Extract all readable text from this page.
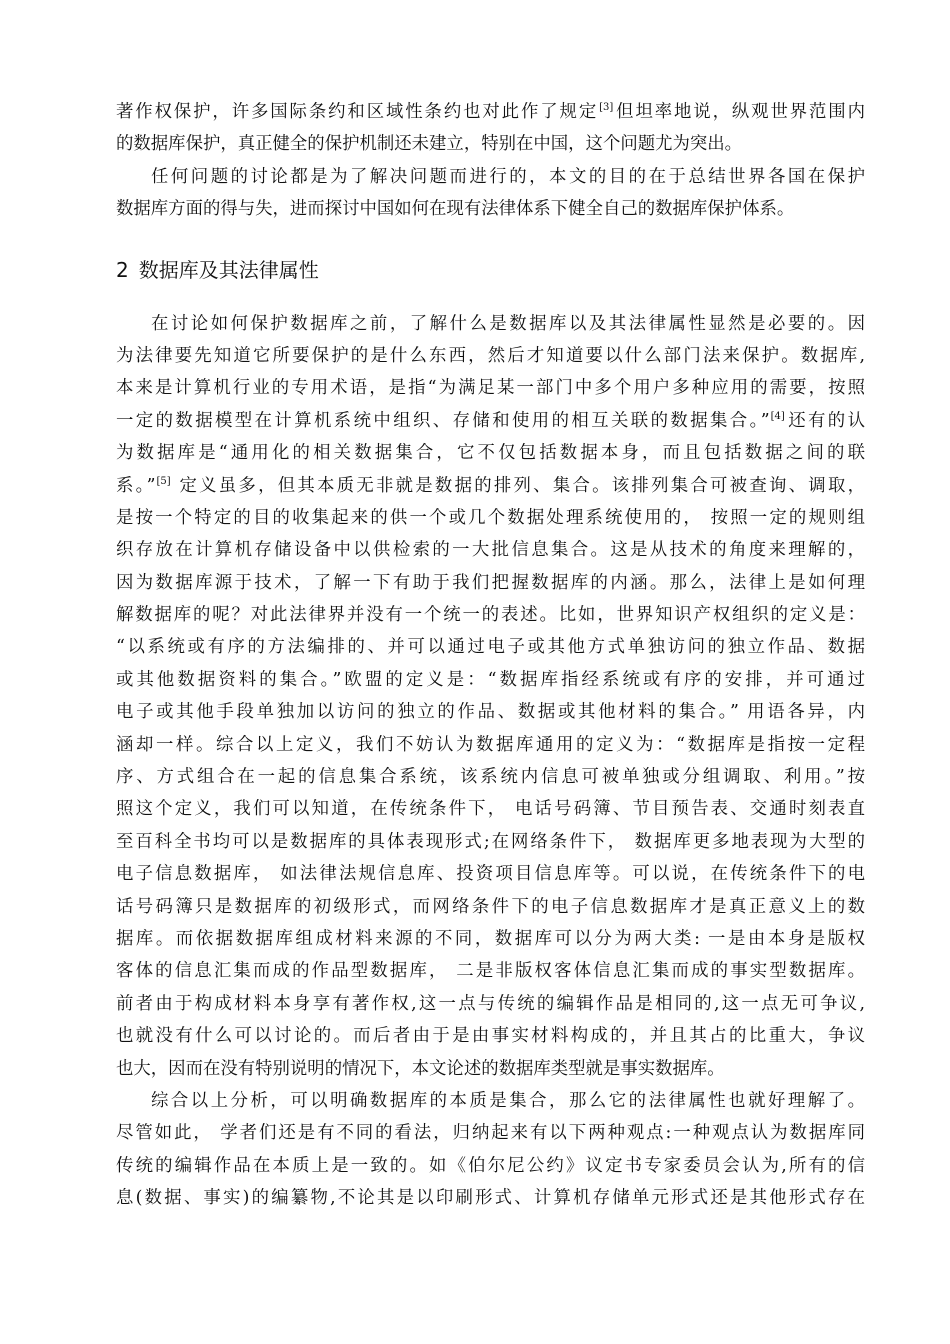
著作权保护，许多国际条约和区域性条约也对此作了规定[3]但坦率地说，纵观世界范围内
的数据库保护，真正健全的保护机制还未建立，特别在中国，这个问题尤为突出。
任何问题的讨论都是为了解决问题而进行的，本文的目的在于总结世界各国在保护
数据库方面的得与失，进而探讨中国如何在现有法律体系下健全自己的数据库保护体系。
2 数据库及其法律属性
在讨论如何保护数据库之前，了解什么是数据库以及其法律属性显然是必要的。因
为法律要先知道它所要保护的是什么东西，然后才知道要以什么部门法来保护。数据库,
本来是计算机行业的专用术语，是指“为满足某一部门中多个用户多种应用的需要，按照
一定的数据模型在计算机系统中组织、存储和使用的相互关联的数据集合。”[4]还有的认
为数据库是“通用化的相关数据集合，它不仅包括数据本身，而且包括数据之间的联
系。”[5] 定义虽多，但其本质无非就是数据的排列、集合。该排列集合可被查询、调取，
是按一个特定的目的收集起来的供一个或几个数据处理系统使用的， 按照一定的规则组
织存放在计算机存储设备中以供检索的一大批信息集合。这是从技术的角度来理解的，
因为数据库源于技术，了解一下有助于我们把握数据库的内涵。那么，法律上是如何理
解数据库的呢？对此法律界并没有一个统一的表述。比如，世界知识产权组织的定义是：
“以系统或有序的方法编排的、并可以通过电子或其他方式单独访问的独立作品、数据
或其他数据资料的集合。”欧盟的定义是：“数据库指经系统或有序的安排，并可通过
电子或其他手段单独加以访问的独立的作品、数据或其他材料的集合。” 用语各异，内
涵却一样。综合以上定义，我们不妨认为数据库通用的定义为：“数据库是指按一定程
序、方式组合在一起的信息集合系统，该系统内信息可被单独或分组调取、利用。”按
照这个定义，我们可以知道，在传统条件下， 电话号码簿、节目预告表、交通时刻表直
至百科全书均可以是数据库的具体表现形式;在网络条件下， 数据库更多地表现为大型的
电子信息数据库， 如法律法规信息库、投资项目信息库等。可以说，在传统条件下的电
话号码簿只是数据库的初级形式，而网络条件下的电子信息数据库才是真正意义上的数
据库。而依据数据库组成材料来源的不同，数据库可以分为两大类: 一是由本身是版权
客体的信息汇集而成的作品型数据库， 二是非版权客体信息汇集而成的事实型数据库。
前者由于构成材料本身享有著作权,这一点与传统的编辑作品是相同的,这一点无可争议,
也就没有什么可以讨论的。而后者由于是由事实材料构成的，并且其占的比重大，争议
也大，因而在没有特别说明的情况下，本文论述的数据库类型就是事实数据库。
综合以上分析，可以明确数据库的本质是集合，那么它的法律属性也就好理解了。
尽管如此， 学者们还是有不同的看法，归纳起来有以下两种观点:一种观点认为数据库同
传统的编辑作品在本质上是一致的。如《伯尔尼公约》议定书专家委员会认为,所有的信
息(数据、事实)的编纂物,不论其是以印刷形式、计算机存储单元形式还是其他形式存在
